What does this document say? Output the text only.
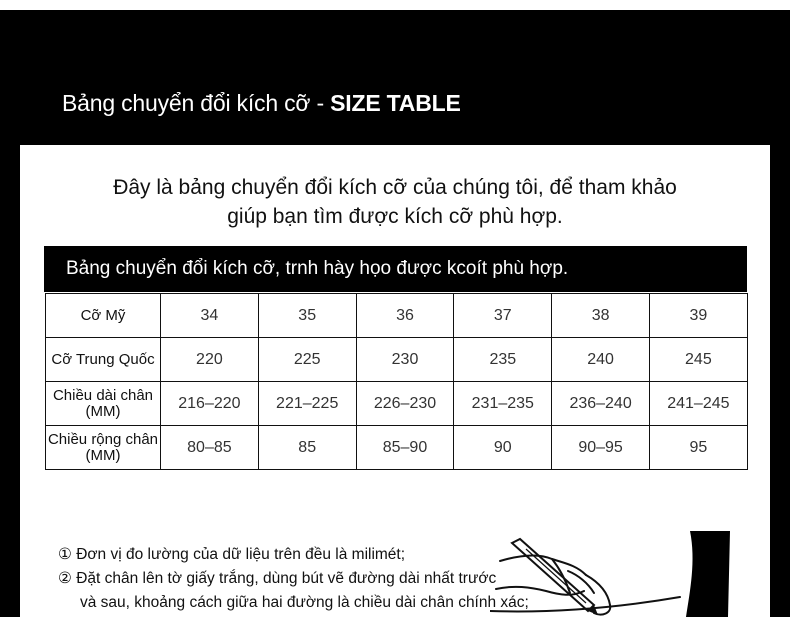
Bảng chuyển đổi kích cỡ - SIZE TABLE
Đây là bảng chuyển đổi kích cỡ của chúng tôi, để tham khảo
giúp bạn tìm được kích cỡ phù hợp.
Bảng chuyển đổi kích cỡ, trnh hày họo được kcoít phù hợp.
Cỡ Mỹ	34	35	36	37	38	39
Cỡ Trung Quốc	220	225	230	235	240	245
Chiều dài chân (MM)	216–220	221–225	226–230	231–235	236–240	241–245
Chiều rộng chân (MM)	80–85	85	85–90	90	90–95	95
① Đơn vị đo lường của dữ liệu trên đều là milimét;
② Đặt chân lên tờ giấy trắng, dùng bút vẽ đường dài nhất trước
và sau, khoảng cách giữa hai đường là chiều dài chân chính xác;
